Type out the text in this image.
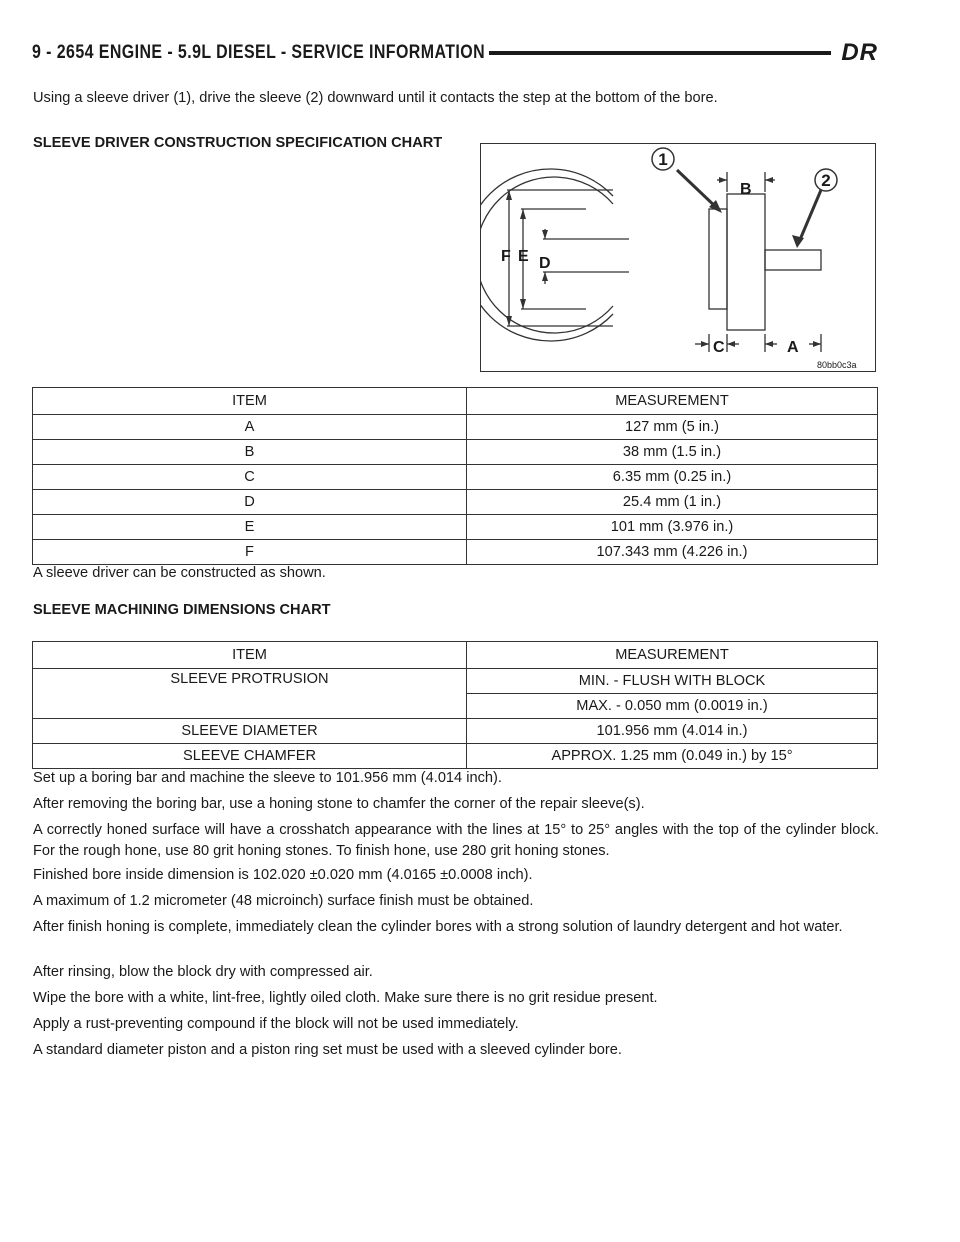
9 - 2654 ENGINE - 5.9L DIESEL - SERVICE INFORMATION	DR

Using a sleeve driver (1), drive the sleeve (2) downward until it contacts the step at the bottom of the bore.

SLEEVE DRIVER CONSTRUCTION SPECIFICATION CHART

1
2
B
F E D
C	A
80bb0c3a
ITEM	MEASUREMENT
A	127 mm (5 in.)
B	38 mm (1.5 in.)
C	6.35 mm (0.25 in.)
D	25.4 mm (1 in.)
E	101 mm (3.976 in.)
F	107.343 mm (4.226 in.)

A sleeve driver can be constructed as shown.

SLEEVE MACHINING DIMENSIONS CHART

ITEM	MEASUREMENT
SLEEVE PROTRUSION	MIN. - FLUSH WITH BLOCK
	MAX. - 0.050 mm (0.0019 in.)
SLEEVE DIAMETER	101.956 mm (4.014 in.)
SLEEVE CHAMFER	APPROX. 1.25 mm (0.049 in.) by 15°

Set up a boring bar and machine the sleeve to 101.956 mm (4.014 inch).

After removing the boring bar, use a honing stone to chamfer the corner of the repair sleeve(s).

A correctly honed surface will have a crosshatch appearance with the lines at 15° to 25° angles with the top of the cylinder block. For the rough hone, use 80 grit honing stones. To finish hone, use 280 grit honing stones.

Finished bore inside dimension is 102.020 ±0.020 mm (4.0165 ±0.0008 inch).

A maximum of 1.2 micrometer (48 microinch) surface finish must be obtained.

After finish honing is complete, immediately clean the cylinder bores with a strong solution of laundry detergent and hot water.

After rinsing, blow the block dry with compressed air.

Wipe the bore with a white, lint-free, lightly oiled cloth. Make sure there is no grit residue present.

Apply a rust-preventing compound if the block will not be used immediately.

A standard diameter piston and a piston ring set must be used with a sleeved cylinder bore.
